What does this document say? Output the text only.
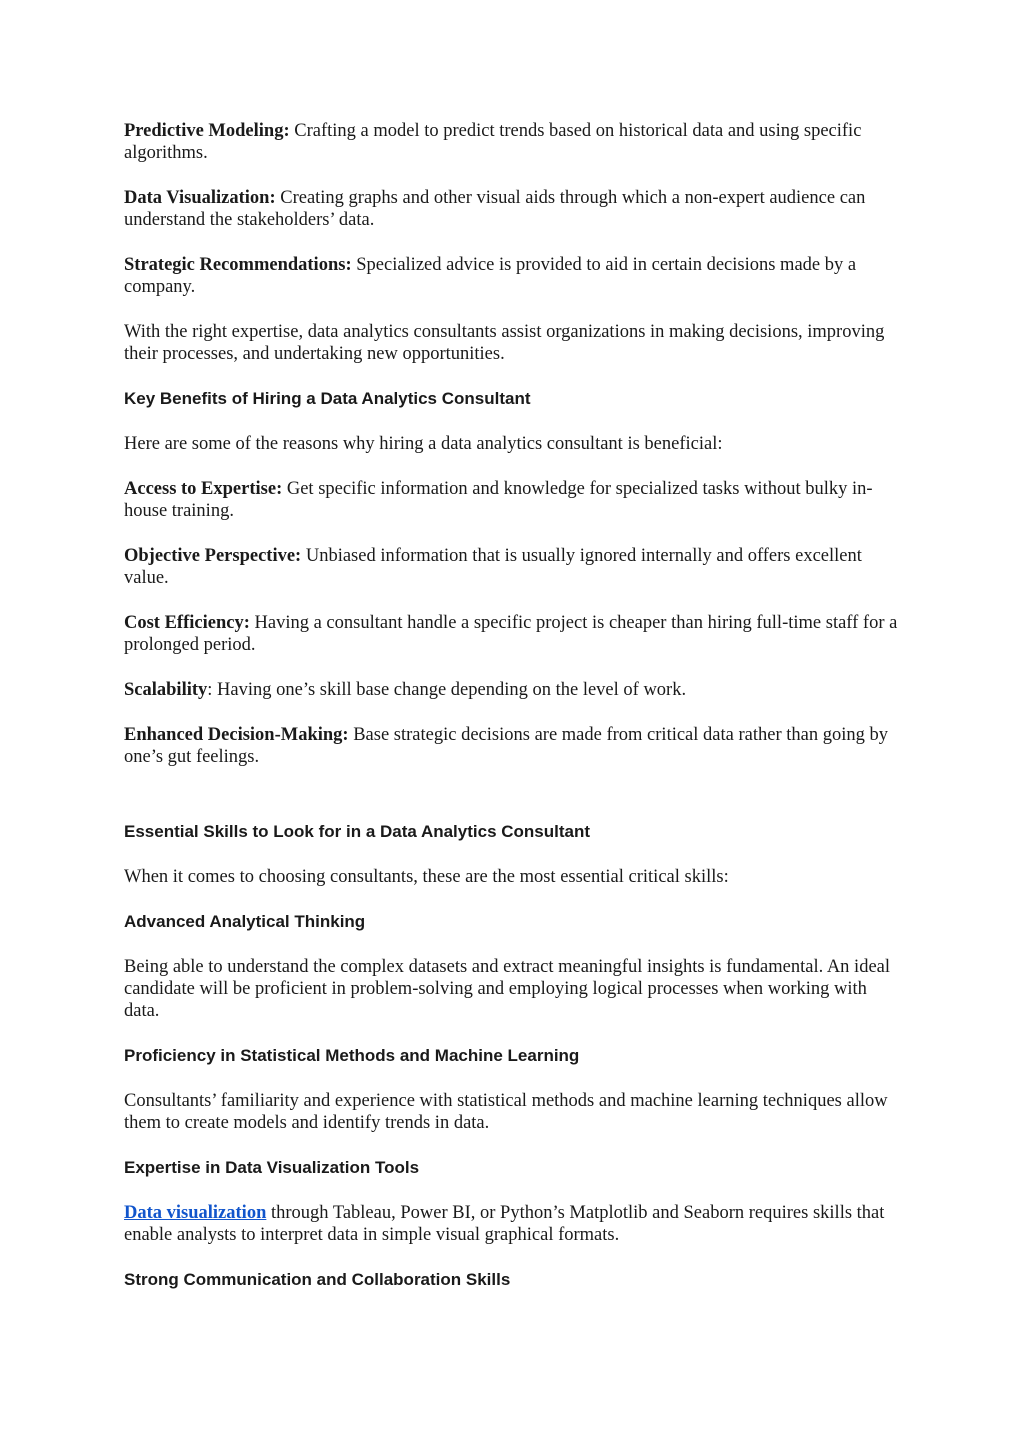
Predictive Modeling: Crafting a model to predict trends based on historical data and using specific algorithms.

Data Visualization: Creating graphs and other visual aids through which a non-expert audience can understand the stakeholders’ data.

Strategic Recommendations: Specialized advice is provided to aid in certain decisions made by a company.

With the right expertise, data analytics consultants assist organizations in making decisions, improving their processes, and undertaking new opportunities.

Key Benefits of Hiring a Data Analytics Consultant

Here are some of the reasons why hiring a data analytics consultant is beneficial:

Access to Expertise: Get specific information and knowledge for specialized tasks without bulky in-house training.

Objective Perspective: Unbiased information that is usually ignored internally and offers excellent value.

Cost Efficiency: Having a consultant handle a specific project is cheaper than hiring full-time staff for a prolonged period.

Scalability: Having one’s skill base change depending on the level of work.

Enhanced Decision-Making: Base strategic decisions are made from critical data rather than going by one’s gut feelings.

Essential Skills to Look for in a Data Analytics Consultant

When it comes to choosing consultants, these are the most essential critical skills:

Advanced Analytical Thinking

Being able to understand the complex datasets and extract meaningful insights is fundamental. An ideal candidate will be proficient in problem-solving and employing logical processes when working with data.

Proficiency in Statistical Methods and Machine Learning

Consultants’ familiarity and experience with statistical methods and machine learning techniques allow them to create models and identify trends in data.

Expertise in Data Visualization Tools

Data visualization through Tableau, Power BI, or Python’s Matplotlib and Seaborn requires skills that enable analysts to interpret data in simple visual graphical formats.

Strong Communication and Collaboration Skills
